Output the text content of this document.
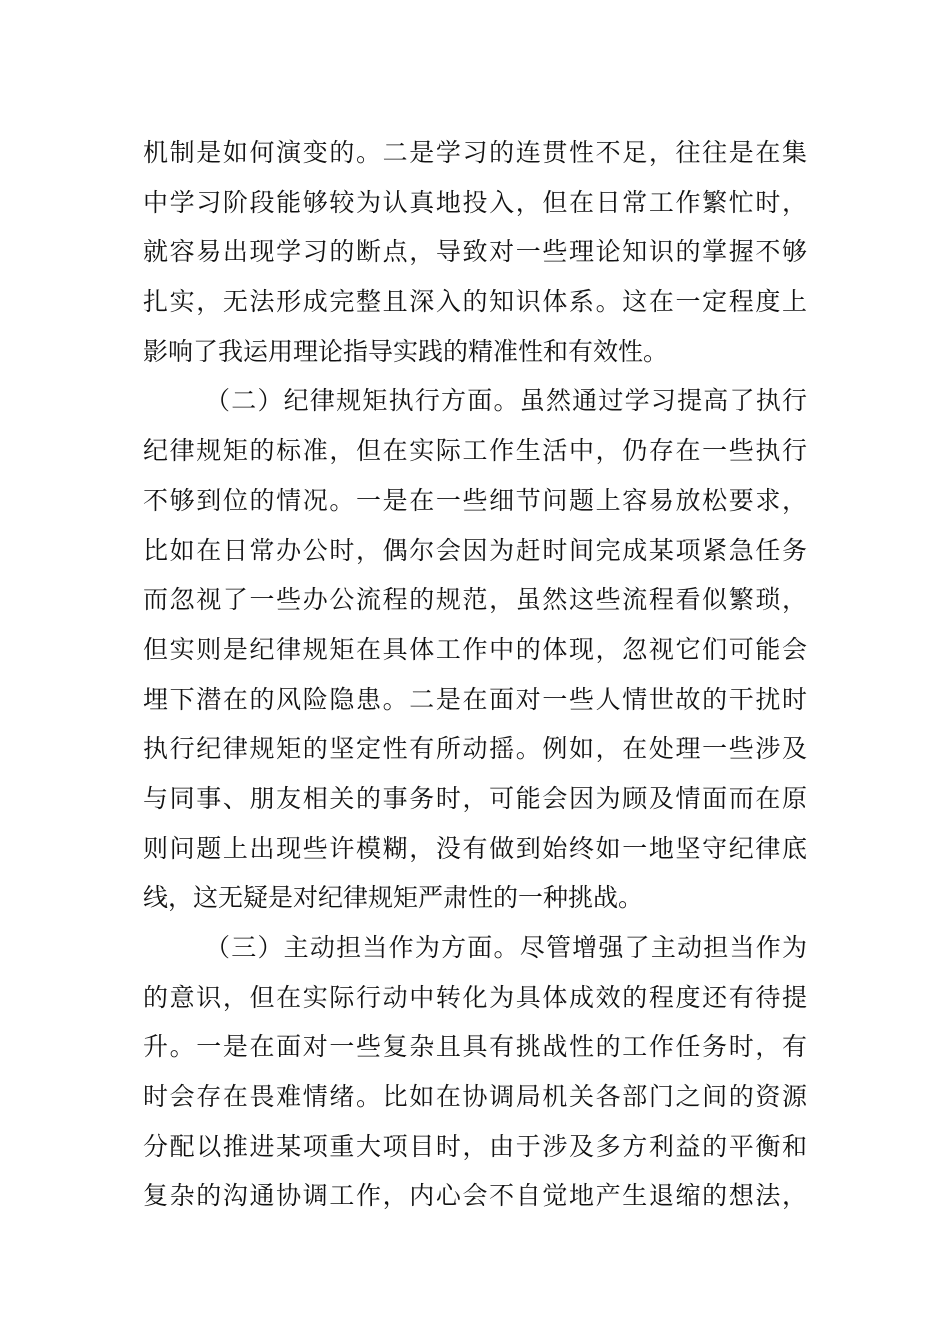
机制是如何演变的。二是学习的连贯性不足，往往是在集
中学习阶段能够较为认真地投入，但在日常工作繁忙时，
就容易出现学习的断点，导致对一些理论知识的掌握不够
扎实，无法形成完整且深入的知识体系。这在一定程度上
影响了我运用理论指导实践的精准性和有效性。
（二）纪律规矩执行方面。虽然通过学习提高了执行
纪律规矩的标准，但在实际工作生活中，仍存在一些执行
不够到位的情况。一是在一些细节问题上容易放松要求，
比如在日常办公时，偶尔会因为赶时间完成某项紧急任务
而忽视了一些办公流程的规范，虽然这些流程看似繁琐，
但实则是纪律规矩在具体工作中的体现，忽视它们可能会
埋下潜在的风险隐患。二是在面对一些人情世故的干扰时
执行纪律规矩的坚定性有所动摇。例如，在处理一些涉及
与同事、朋友相关的事务时，可能会因为顾及情面而在原
则问题上出现些许模糊，没有做到始终如一地坚守纪律底
线，这无疑是对纪律规矩严肃性的一种挑战。
（三）主动担当作为方面。尽管增强了主动担当作为
的意识，但在实际行动中转化为具体成效的程度还有待提
升。一是在面对一些复杂且具有挑战性的工作任务时，有
时会存在畏难情绪。比如在协调局机关各部门之间的资源
分配以推进某项重大项目时，由于涉及多方利益的平衡和
复杂的沟通协调工作，内心会不自觉地产生退缩的想法，
